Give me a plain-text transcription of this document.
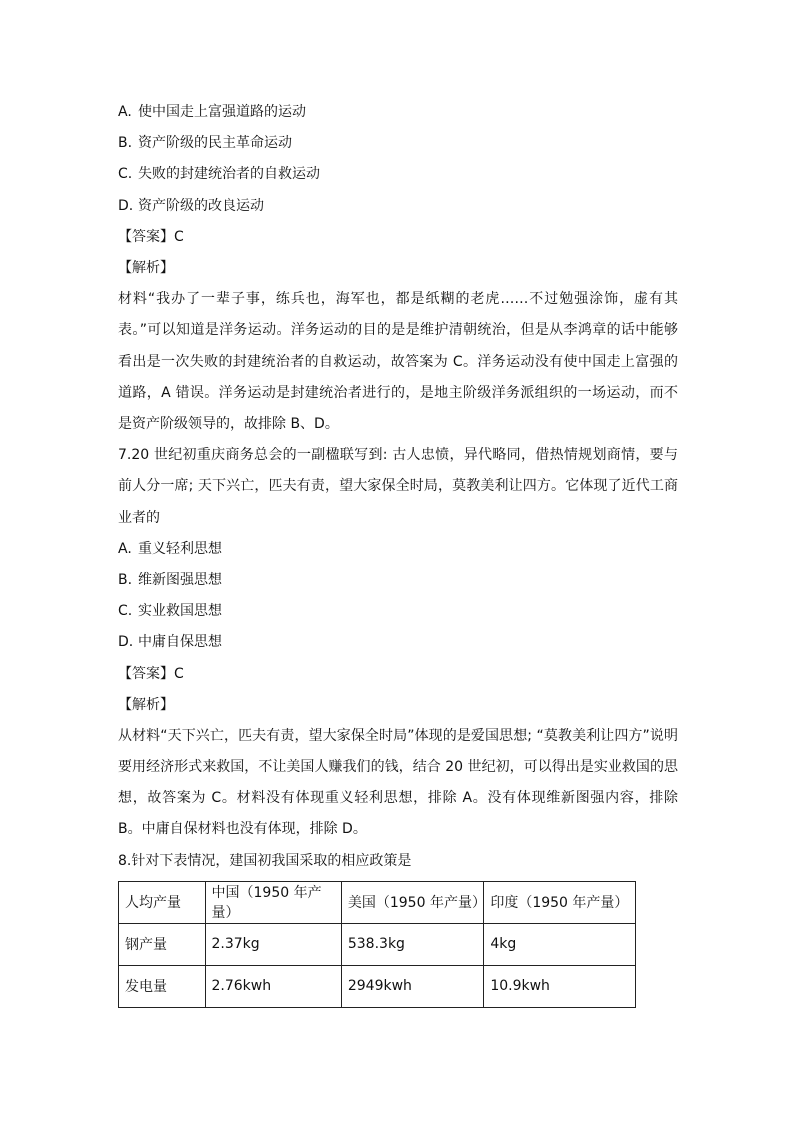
A. 使中国走上富强道路的运动
B. 资产阶级的民主革命运动
C. 失败的封建统治者的自救运动
D. 资产阶级的改良运动
【答案】C
【解析】
材料“我办了一辈子事，练兵也，海军也，都是纸糊的老虎……不过勉强涂饰，虚有其表。”可以知道是洋务运动。洋务运动的目的是是维护清朝统治，但是从李鸿章的话中能够看出是一次失败的封建统治者的自救运动，故答案为 C。洋务运动没有使中国走上富强的道路，A 错误。洋务运动是封建统治者进行的，是地主阶级洋务派组织的一场运动，而不是资产阶级领导的，故排除 B、D。
7.20 世纪初重庆商务总会的一副楹联写到: 古人忠愤，异代略同，借热情规划商情，要与前人分一席; 天下兴亡，匹夫有责，望大家保全时局，莫教美利让四方。它体现了近代工商业者的
A. 重义轻利思想
B. 维新图强思想
C. 实业救国思想
D. 中庸自保思想
【答案】C
【解析】
从材料“天下兴亡，匹夫有责，望大家保全时局”体现的是爱国思想; “莫教美利让四方”说明要用经济形式来救国，不让美国人赚我们的钱，结合 20 世纪初，可以得出是实业救国的思想，故答案为 C。材料没有体现重义轻利思想，排除 A。没有体现维新图强内容，排除 B。中庸自保材料也没有体现，排除 D。
8.针对下表情况，建国初我国采取的相应政策是
人均产量	中国（1950 年产量）	美国（1950 年产量）	印度（1950 年产量）
钢产量	2.37kg	538.3kg	4kg
发电量	2.76kwh	2949kwh	10.9kwh
